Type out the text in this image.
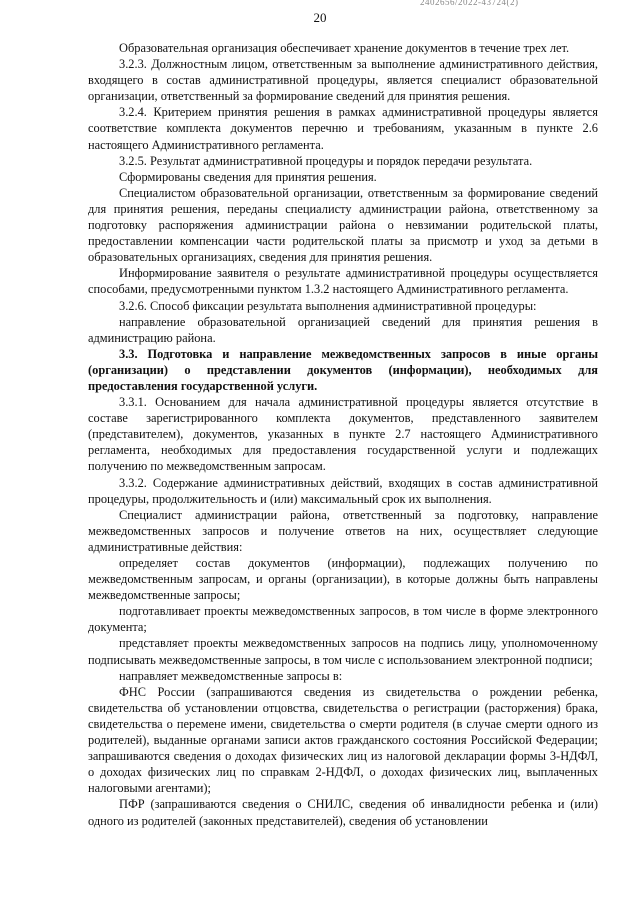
2402656/2022-43724(2)
20

Образовательная организация обеспечивает хранение документов в течение трех лет.

3.2.3. Должностным лицом, ответственным за выполнение административного действия, входящего в состав административной процедуры, является специалист образовательной организации, ответственный за формирование сведений для принятия решения.

3.2.4. Критерием принятия решения в рамках административной процедуры является соответствие комплекта документов перечню и требованиям, указанным в пункте 2.6 настоящего Административного регламента.

3.2.5. Результат административной процедуры и порядок передачи результата.

Сформированы сведения для принятия решения.

Специалистом образовательной организации, ответственным за формирование сведений для принятия решения, переданы специалисту администрации района, ответственному за подготовку распоряжения администрации района о невзимании родительской платы, предоставлении компенсации части родительской платы за присмотр и уход за детьми в образовательных организациях, сведения для принятия решения.

Информирование заявителя о результате административной процедуры осуществляется способами, предусмотренными пунктом 1.3.2 настоящего Административного регламента.

3.2.6. Способ фиксации результата выполнения административной процедуры:

направление образовательной организацией сведений для принятия решения в администрацию района.

3.3. Подготовка и направление межведомственных запросов в иные органы (организации) о представлении документов (информации), необходимых для предоставления государственной услуги.

3.3.1. Основанием для начала административной процедуры является отсутствие в составе зарегистрированного комплекта документов, представленного заявителем (представителем), документов, указанных в пункте 2.7 настоящего Административного регламента, необходимых для предоставления государственной услуги и подлежащих получению по межведомственным запросам.

3.3.2. Содержание административных действий, входящих в состав административной процедуры, продолжительность и (или) максимальный срок их выполнения.

Специалист администрации района, ответственный за подготовку, направление межведомственных запросов и получение ответов на них, осуществляет следующие административные действия:

определяет состав документов (информации), подлежащих получению по межведомственным запросам, и органы (организации), в которые должны быть направлены межведомственные запросы;

подготавливает проекты межведомственных запросов, в том числе в форме электронного документа;

представляет проекты межведомственных запросов на подпись лицу, уполномоченному подписывать межведомственные запросы, в том числе с использованием электронной подписи;

направляет межведомственные запросы в:

ФНС России (запрашиваются сведения из свидетельства о рождении ребенка, свидетельства об установлении отцовства, свидетельства о регистрации (расторжения) брака, свидетельства о перемене имени, свидетельства о смерти родителя (в случае смерти одного из родителей), выданные органами записи актов гражданского состояния Российской Федерации; запрашиваются сведения о доходах физических лиц из налоговой декларации формы 3-НДФЛ, о доходах физических лиц по справкам 2-НДФЛ, о доходах физических лиц, выплаченных налоговыми агентами);

ПФР (запрашиваются сведения о СНИЛС, сведения об инвалидности ребенка и (или) одного из родителей (законных представителей), сведения об установлении
